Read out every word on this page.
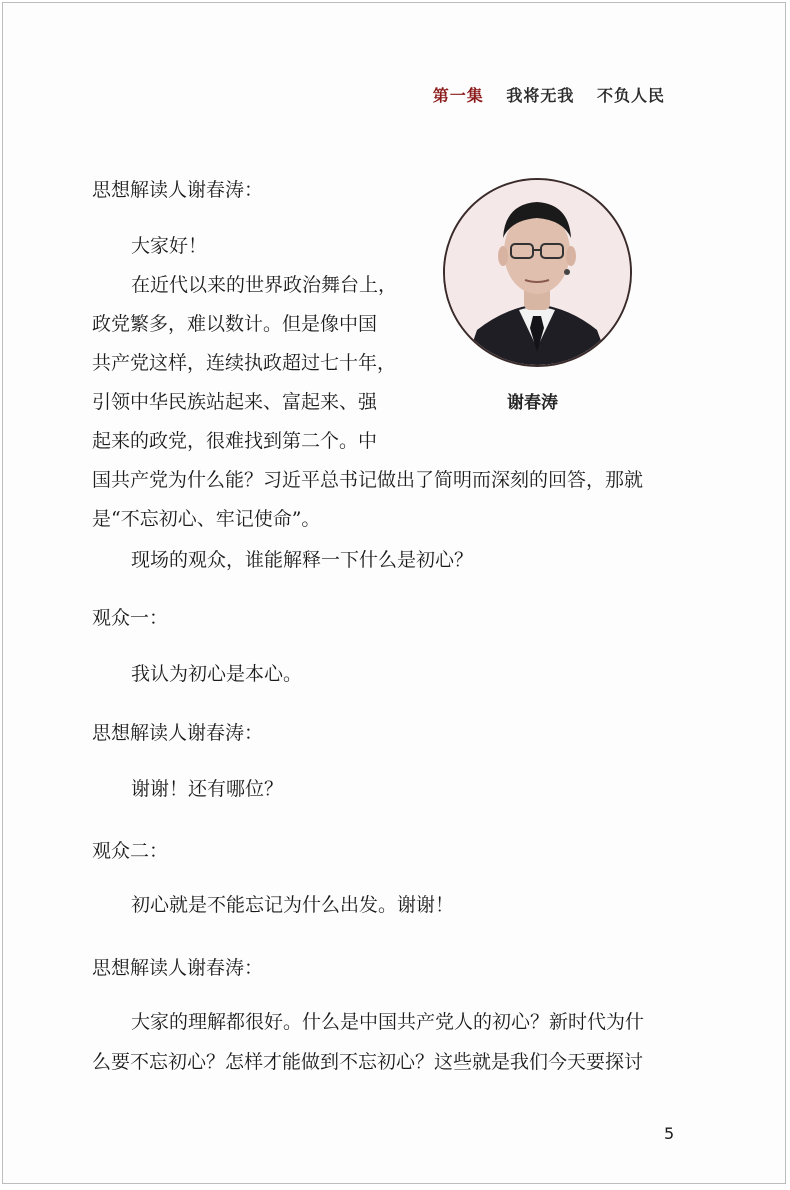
第一集 我将无我 不负人民
谢春涛
思想解读人谢春涛：
大家好！
在近代以来的世界政治舞台上，
政党繁多，难以数计。但是像中国
共产党这样，连续执政超过七十年，
引领中华民族站起来、富起来、强
起来的政党，很难找到第二个。中
国共产党为什么能？习近平总书记做出了简明而深刻的回答，那就
是“不忘初心、牢记使命”。
现场的观众，谁能解释一下什么是初心？
观众一：
我认为初心是本心。
思想解读人谢春涛：
谢谢！还有哪位？
观众二：
初心就是不能忘记为什么出发。谢谢！
思想解读人谢春涛：
大家的理解都很好。什么是中国共产党人的初心？新时代为什
么要不忘初心？怎样才能做到不忘初心？这些就是我们今天要探讨
5
